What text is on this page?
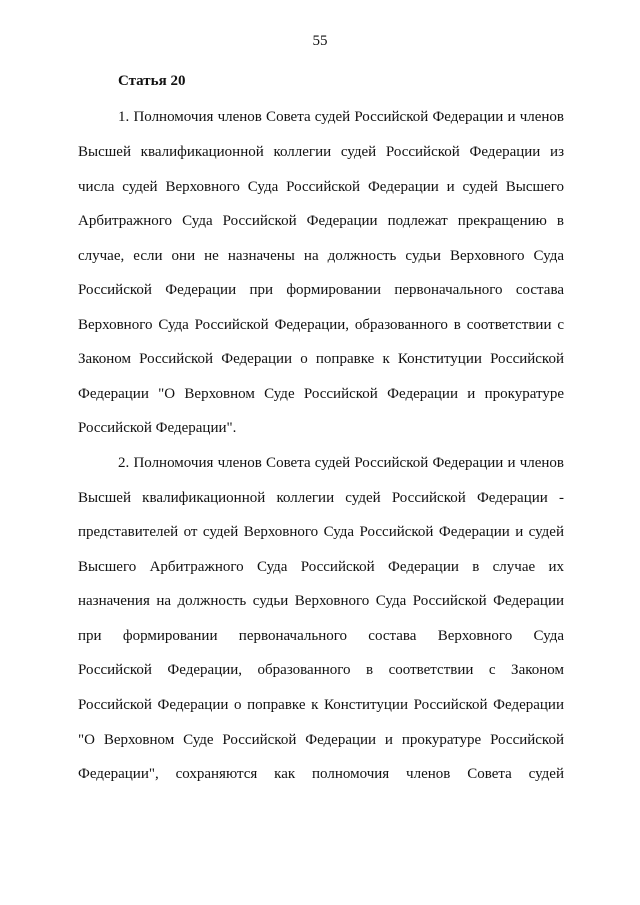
55
Статья 20
1. Полномочия членов Совета судей Российской Федерации и членов
Высшей квалификационной коллегии судей Российской Федерации из
числа судей Верховного Суда Российской Федерации и судей Высшего
Арбитражного Суда Российской Федерации подлежат прекращению в
случае, если они не назначены на должность судьи Верховного Суда
Российской Федерации при формировании первоначального состава
Верховного Суда Российской Федерации, образованного в соответствии с
Законом Российской Федерации о поправке к Конституции Российской
Федерации "О Верховном Суде Российской Федерации и прокуратуре
Российской Федерации".
2. Полномочия членов Совета судей Российской Федерации и членов
Высшей квалификационной коллегии судей Российской Федерации -
представителей от судей Верховного Суда Российской Федерации и судей
Высшего Арбитражного Суда Российской Федерации в случае их
назначения на должность судьи Верховного Суда Российской Федерации
при формировании первоначального состава Верховного Суда
Российской Федерации, образованного в соответствии с Законом
Российской Федерации о поправке к Конституции Российской Федерации
"О Верховном Суде Российской Федерации и прокуратуре Российской
Федерации", сохраняются как полномочия членов Совета судей
